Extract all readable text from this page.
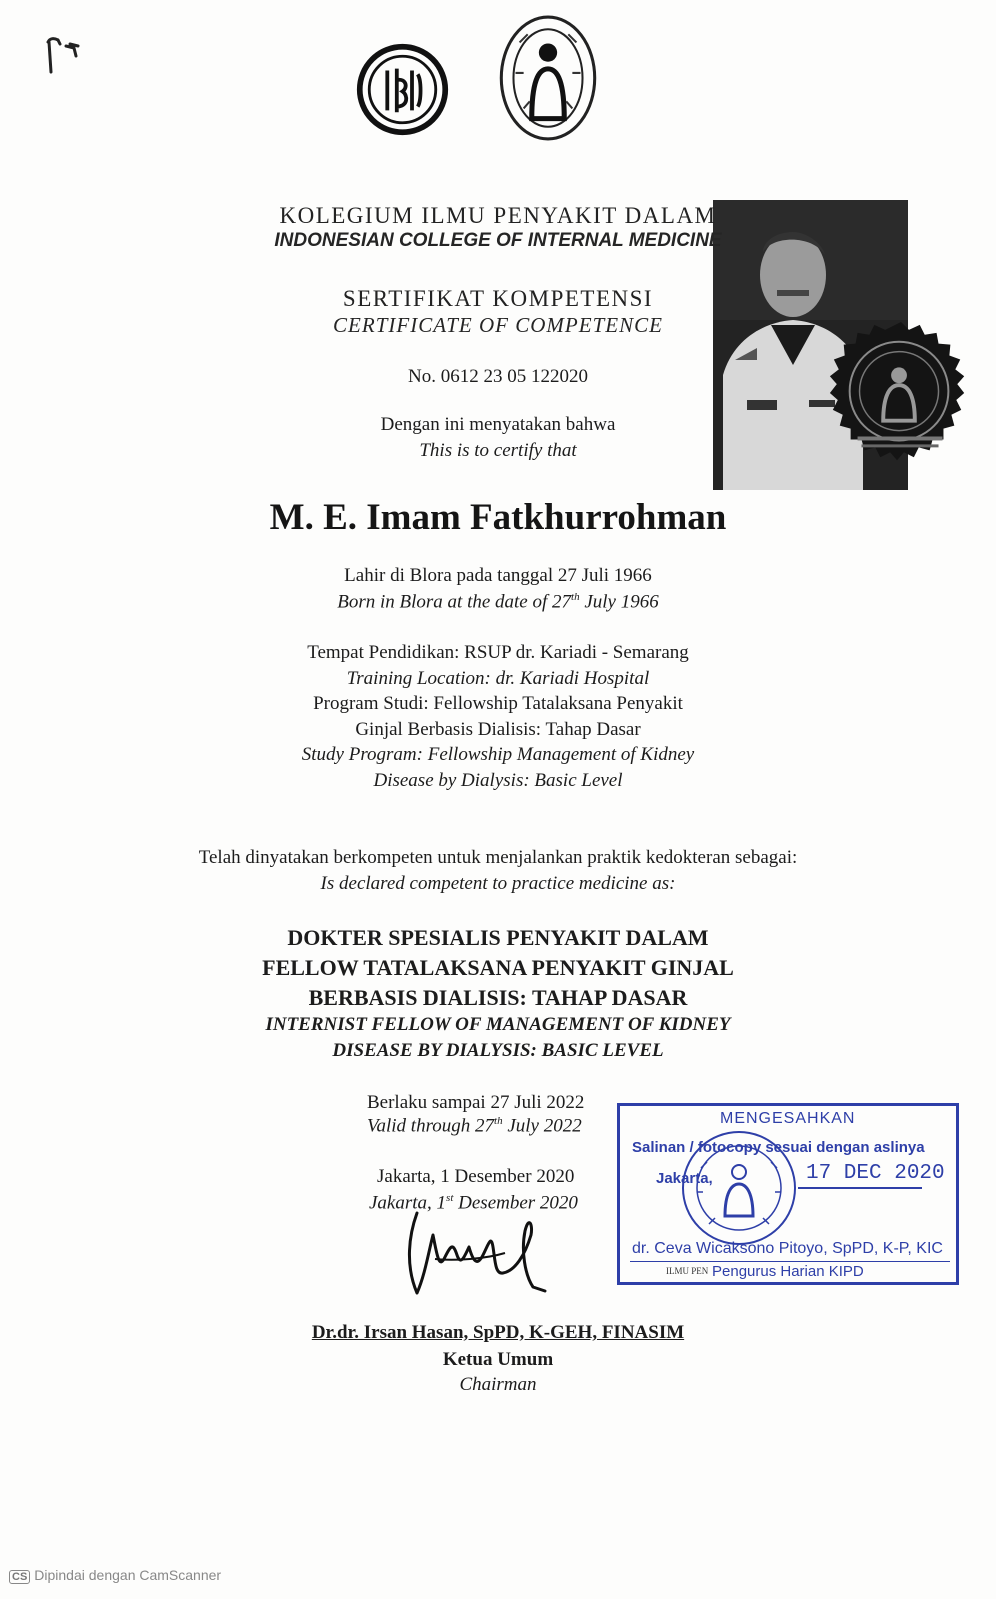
KOLEGIUM ILMU PENYAKIT DALAM
INDONESIAN COLLEGE OF INTERNAL MEDICINE
SERTIFIKAT KOMPETENSI
CERTIFICATE OF COMPETENCE
No. 0612 23 05 122020
Dengan ini menyatakan bahwa
This is to certify that
M. E. Imam Fatkhurrohman
Lahir di Blora pada tanggal 27 Juli 1966
Born in Blora at the date of 27th July 1966
Tempat Pendidikan: RSUP dr. Kariadi - Semarang
Training Location: dr. Kariadi Hospital
Program Studi: Fellowship Tatalaksana Penyakit
Ginjal Berbasis Dialisis: Tahap Dasar
Study Program: Fellowship Management of Kidney
Disease by Dialysis: Basic Level
Telah dinyatakan berkompeten untuk menjalankan praktik kedokteran sebagai:
Is declared competent to practice medicine as:
DOKTER SPESIALIS PENYAKIT DALAM
FELLOW TATALAKSANA PENYAKIT GINJAL
BERBASIS DIALISIS: TAHAP DASAR
INTERNIST FELLOW OF MANAGEMENT OF KIDNEY
DISEASE BY DIALYSIS: BASIC LEVEL
Berlaku sampai 27 Juli 2022
Valid through 27th July 2022
Jakarta, 1 Desember 2020
Jakarta, 1st Desember 2020
Dr.dr. Irsan Hasan, SpPD, K-GEH, FINASIM
Ketua Umum
Chairman
MENGESAHKAN
Salinan / fotocopy sesuai dengan aslinya
Jakarta,	17 DEC 2020
dr. Ceva Wicaksono Pitoyo, SpPD, K-P, KIC
ILMU PEN Pengurus Harian KIPD
CS Dipindai dengan CamScanner
